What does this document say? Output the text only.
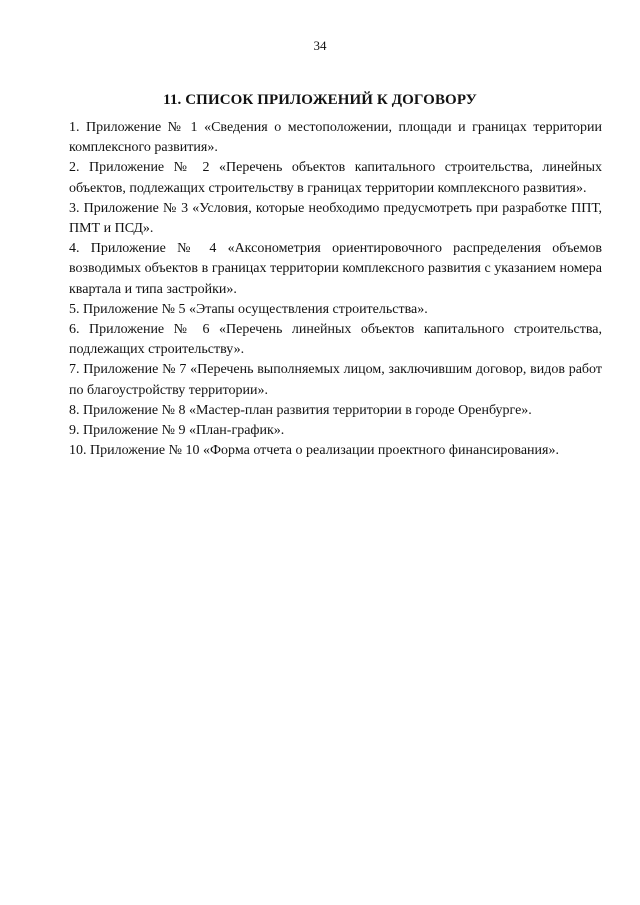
34
11. СПИСОК ПРИЛОЖЕНИЙ К ДОГОВОРУ

1. Приложение № 1 «Сведения о местоположении, площади и границах территории комплексного развития».

2. Приложение № 2 «Перечень объектов капитального строительства, линейных объектов, подлежащих строительству в границах территории комплексного развития».

3. Приложение № 3 «Условия, которые необходимо предусмотреть при разработке ППТ, ПМТ и ПСД».

4. Приложение № 4 «Аксонометрия ориентировочного распределения объемов возводимых объектов в границах территории комплексного развития с указанием номера квартала и типа застройки».

5. Приложение № 5 «Этапы осуществления строительства».

6. Приложение № 6 «Перечень линейных объектов капитального строительства, подлежащих строительству».

7. Приложение № 7 «Перечень выполняемых лицом, заключившим договор, видов работ по благоустройству территории».

8. Приложение № 8 «Мастер-план развития территории в городе Оренбурге».

9. Приложение № 9 «План-график».

10. Приложение № 10 «Форма отчета о реализации проектного финансирования».
